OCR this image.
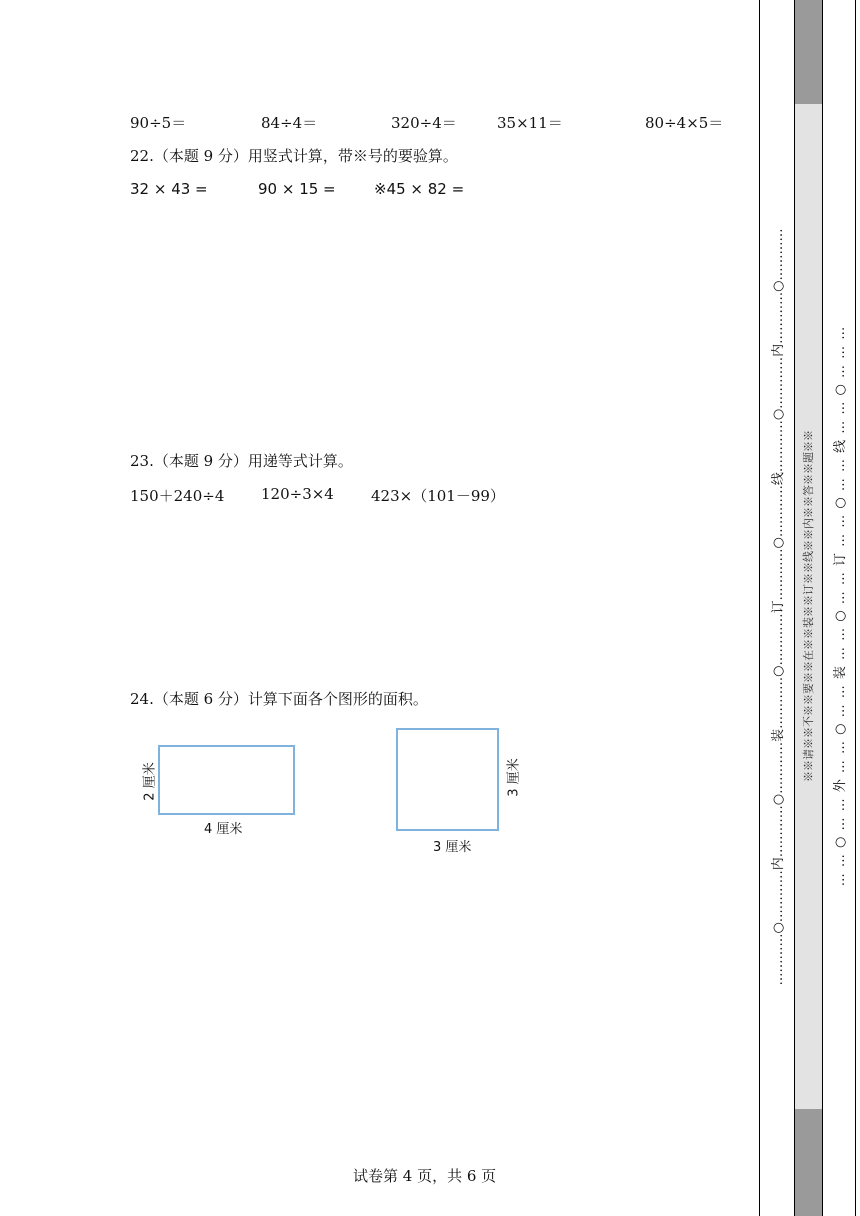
90÷5＝	84÷4＝	320÷4＝	35×11＝	80÷4×5＝
22.（本题 9 分）用竖式计算，带※号的要验算。
32 × 43 =	90 × 15 =	※45 × 82 =
23.（本题 9 分）用递等式计算。
150＋240÷4 120÷3×4 423×（101－99）
24.（本题 6 分）计算下面各个图形的面积。
2 厘米
4 厘米
3 厘米
3 厘米
试卷第 4 页，共 6 页
…………○…………内…………○…………装…………○…………订…………○…………线…………○…………内…………○………… ※※请※※不※※要※※在※※装※※订※※线※※内※※答※※题※※	… … ○ … … 外 … … ○ … … 装 … … ○ … … 订 … … ○ … … 线 … … ○ … … …
